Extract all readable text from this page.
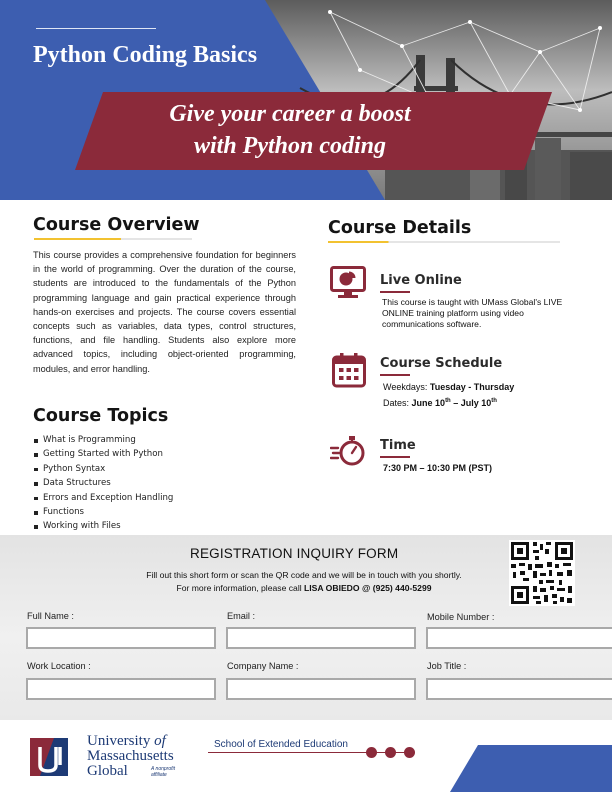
Python Coding Basics
Give your career a boost
with Python coding
Course Overview
This course provides a comprehensive foundation for beginners in the world of programming. Over the duration of the course, students are introduced to the fundamentals of the Python programming language and gain practical experience through hands-on exercises and projects. The course covers essential concepts such as variables, data types, control structures, functions, and file handling. Students also explore more advanced topics, including object-oriented programming, modules, and error handling.
Course Topics
What is Programming
Getting Started with Python
Python Syntax
Data Structures
Errors and Exception Handling
Functions
Working with Files
Course Details
Live Online
This course is taught with UMass Global's LIVE
ONLINE training platform using video
communications software.
Course Schedule
Weekdays: Tuesday - Thursday
Dates: June 10th – July 10th
Time
7:30 PM – 10:30 PM (PST)
REGISTRATION INQUIRY FORM
Fill out this short form or scan the QR code and we will be in touch with you shortly.
For more information, please call LISA OBIEDO @ (925) 440-5299
Full Name :	Email :	Mobile Number :
Work Location :	Company Name :	Job Title :
University of
Massachusetts
Global	A nonprofit
affiliate
School of Extended Education
